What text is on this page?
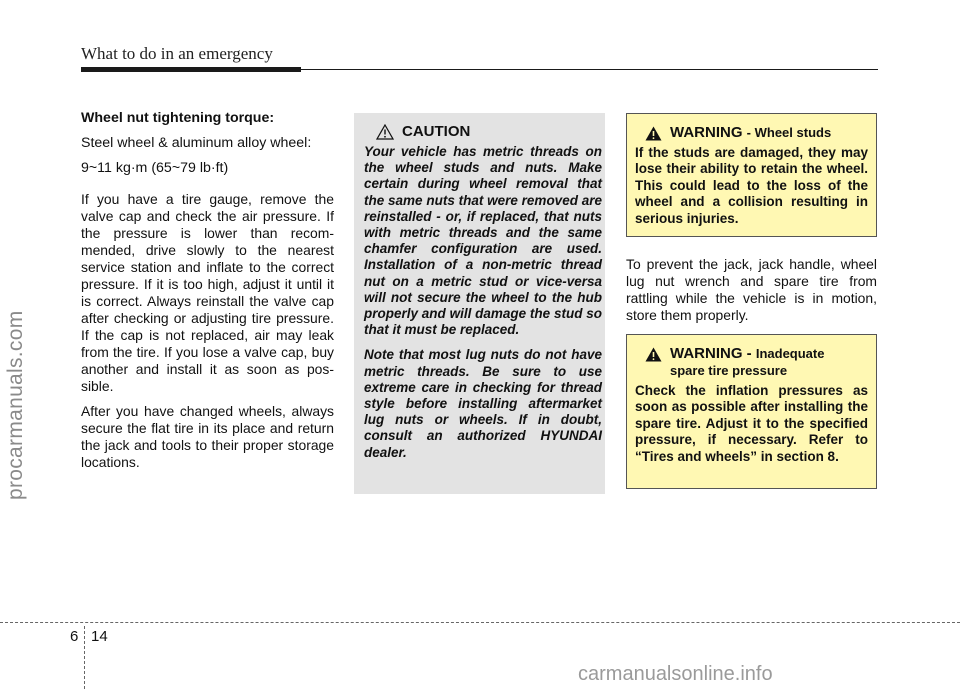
What to do in an emergency
procarmanuals.com

Wheel nut tightening torque:

Steel wheel & aluminum alloy wheel:

9~11 kg·m (65~79 lb·ft)

If you have a tire gauge, remove the valve cap and check the air pressure. If the pressure is lower than recommended, drive slowly to the nearest service station and inflate to the correct pressure. If it is too high, adjust it until it is correct. Always reinstall the valve cap after checking or adjusting tire pressure. If the cap is not replaced, air may leak from the tire. If you lose a valve cap, buy another and install it as soon as possible.

After you have changed wheels, always secure the flat tire in its place and return the jack and tools to their proper storage locations.

CAUTION

Your vehicle has metric threads on the wheel studs and nuts. Make certain during wheel removal that the same nuts that were removed are reinstalled - or, if replaced, that nuts with metric threads and the same chamfer configuration are used. Installation of a non-metric thread nut on a metric stud or vice-versa will not secure the wheel to the hub properly and will damage the stud so that it must be replaced.

Note that most lug nuts do not have metric threads. Be sure to use extreme care in checking for thread style before installing aftermarket lug nuts or wheels. If in doubt, consult an authorized HYUNDAI dealer.

WARNING - Wheel studs
If the studs are damaged, they may lose their ability to retain the wheel. This could lead to the loss of the wheel and a collision resulting in serious injuries.
To prevent the jack, jack handle, wheel lug nut wrench and spare tire from rattling while the vehicle is in motion, store them properly.
WARNING - Inadequate
spare tire pressure
Check the inflation pressures as soon as possible after installing the spare tire. Adjust it to the specified pressure, if necessary. Refer to “Tires and wheels” in section 8.
6 14
carmanualsonline.info
